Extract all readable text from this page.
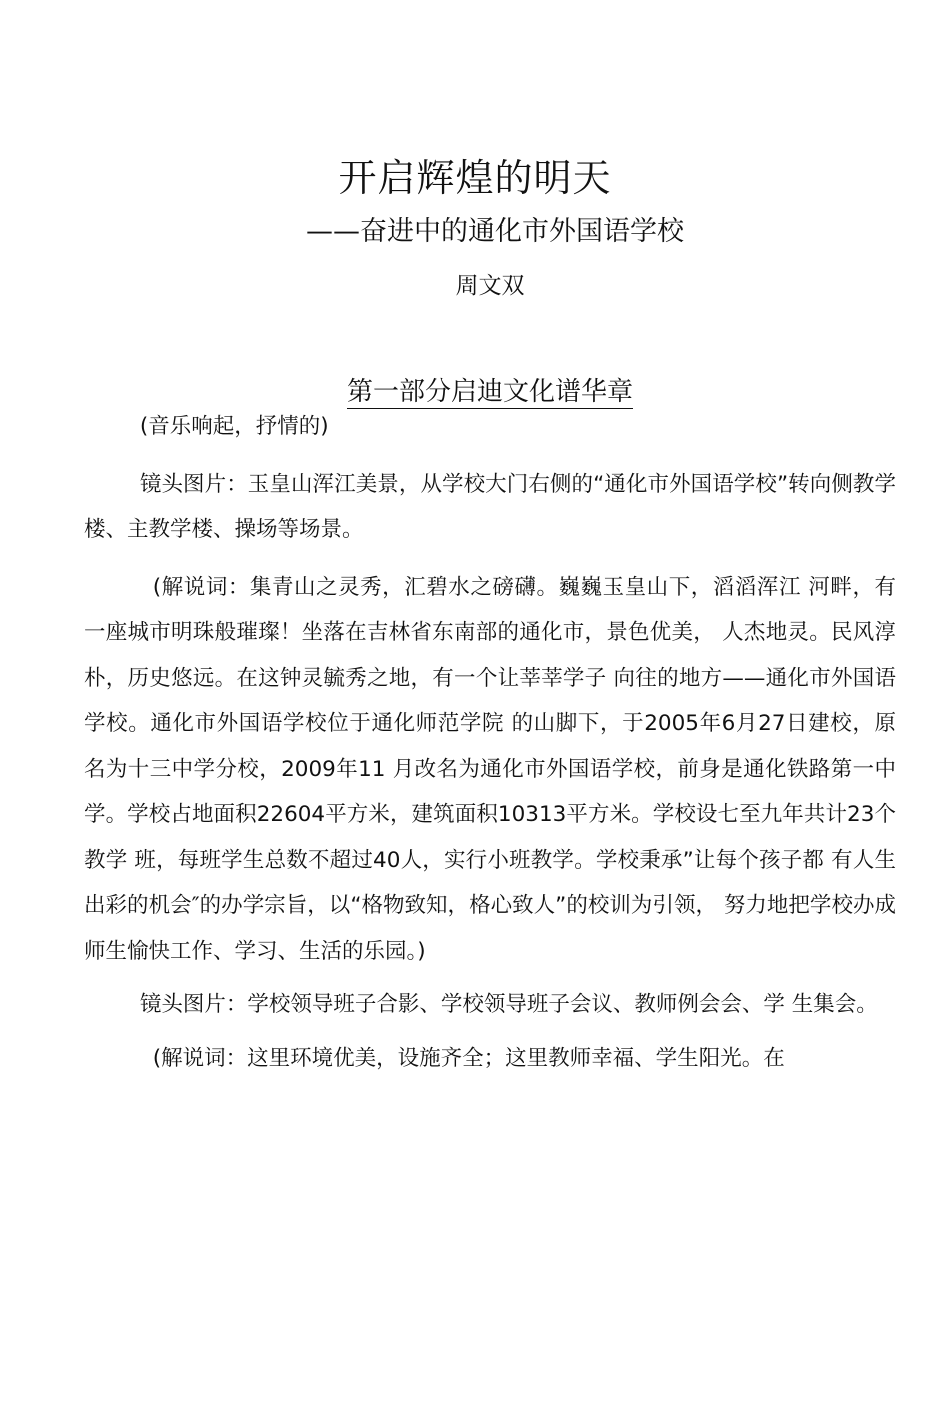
开启辉煌的明天
——奋进中的通化市外国语学校
周文双
第一部分启迪文化谱华章

(音乐响起，抒情的)

镜头图片：玉皇山浑江美景，从学校大门右侧的“通化市外国语学校”转向侧教学楼、主教学楼、操场等场景。

(解说词：集青山之灵秀，汇碧水之磅礴。巍巍玉皇山下，滔滔浑江 河畔，有一座城市明珠般璀璨！坐落在吉林省东南部的通化市，景色优美， 人杰地灵。民风淳朴，历史悠远。在这钟灵毓秀之地，有一个让莘莘学子 向往的地方——通化市外国语学校。通化市外国语学校位于通化师范学院 的山脚下，于2005年6月27日建校，原名为十三中学分校，2009年11 月改名为通化市外国语学校，前身是通化铁路第一中学。学校占地面积22604平方米，建筑面积10313平方米。学校设七至九年共计23个教学 班，每班学生总数不超过40人，实行小班教学。学校秉承”让每个孩子都 有人生出彩的机会″的办学宗旨，以“格物致知，格心致人”的校训为引领， 努力地把学校办成师生愉快工作、学习、生活的乐园。)

镜头图片：学校领导班子合影、学校领导班子会议、教师例会会、学 生集会。

(解说词：这里环境优美，设施齐全；这里教师幸福、学生阳光。在
